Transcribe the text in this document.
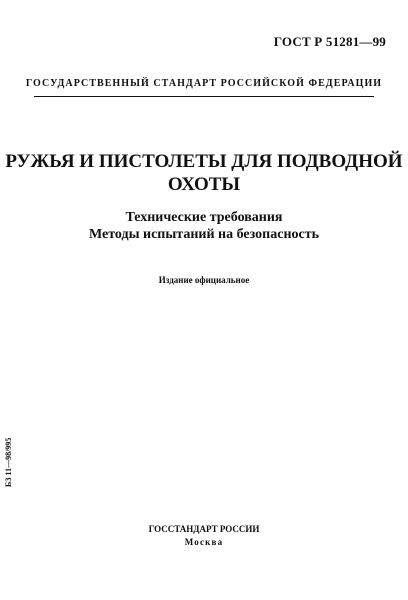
ГОСТ Р 51281—99
ГОСУДАРСТВЕННЫЙ СТАНДАРТ РОССИЙСКОЙ ФЕДЕРАЦИИ
РУЖЬЯ И ПИСТОЛЕТЫ ДЛЯ ПОДВОДНОЙ
ОХОТЫ
Технические требования
Методы испытаний на безопасность
Издание официальное
БЗ 11—98/995
ГОССТАНДАРТ РОССИИ
Москва
